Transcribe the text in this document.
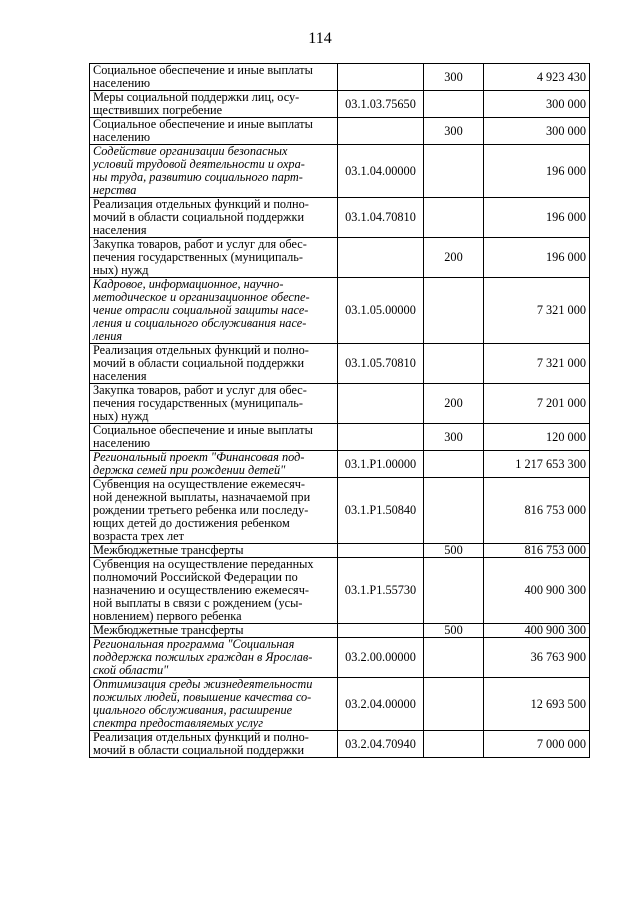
114
Социальное обеспечение и иные выплаты
населению		300	4 923 430

Меры социальной поддержки лиц, осу-
ществивших погребение	03.1.03.75650		300 000

Социальное обеспечение и иные выплаты
населению		300	300 000

Содействие организации безопасных
условий трудовой деятельности и охра-
ны труда, развитию социального парт-
нерства	03.1.04.00000		196 000

Реализация отдельных функций и полно-
мочий в области социальной поддержки
населения	03.1.04.70810		196 000

Закупка товаров, работ и услуг для обес-
печения государственных (муниципаль-
ных) нужд		200	196 000

Кадровое, информационное, научно-
методическое и организационное обеспе-
чение отрасли социальной защиты насе-
ления и социального обслуживания насе-
ления	03.1.05.00000		7 321 000

Реализация отдельных функций и полно-
мочий в области социальной поддержки
населения	03.1.05.70810		7 321 000

Закупка товаров, работ и услуг для обес-
печения государственных (муниципаль-
ных) нужд		200	7 201 000

Социальное обеспечение и иные выплаты
населению		300	120 000

Региональный проект "Финансовая под-
держка семей при рождении детей"	03.1.P1.00000		1 217 653 300

Субвенция на осуществление ежемесяч-
ной денежной выплаты, назначаемой при
рождении третьего ребенка или последу-
ющих детей до достижения ребенком
возраста трех лет	03.1.P1.50840		816 753 000

Межбюджетные трансферты		500	816 753 000

Субвенция на осуществление переданных
полномочий Российской Федерации по
назначению и осуществлению ежемесяч-
ной выплаты в связи с рождением (усы-
новлением) первого ребенка	03.1.P1.55730		400 900 300

Межбюджетные трансферты		500	400 900 300

Региональная программа "Социальная
поддержка пожилых граждан в Ярослав-
ской области"	03.2.00.00000		36 763 900

Оптимизация среды жизнедеятельности
пожилых людей, повышение качества со-
циального обслуживания, расширение
спектра предоставляемых услуг	03.2.04.00000		12 693 500

Реализация отдельных функций и полно-
мочий в области социальной поддержки	03.2.04.70940		7 000 000
